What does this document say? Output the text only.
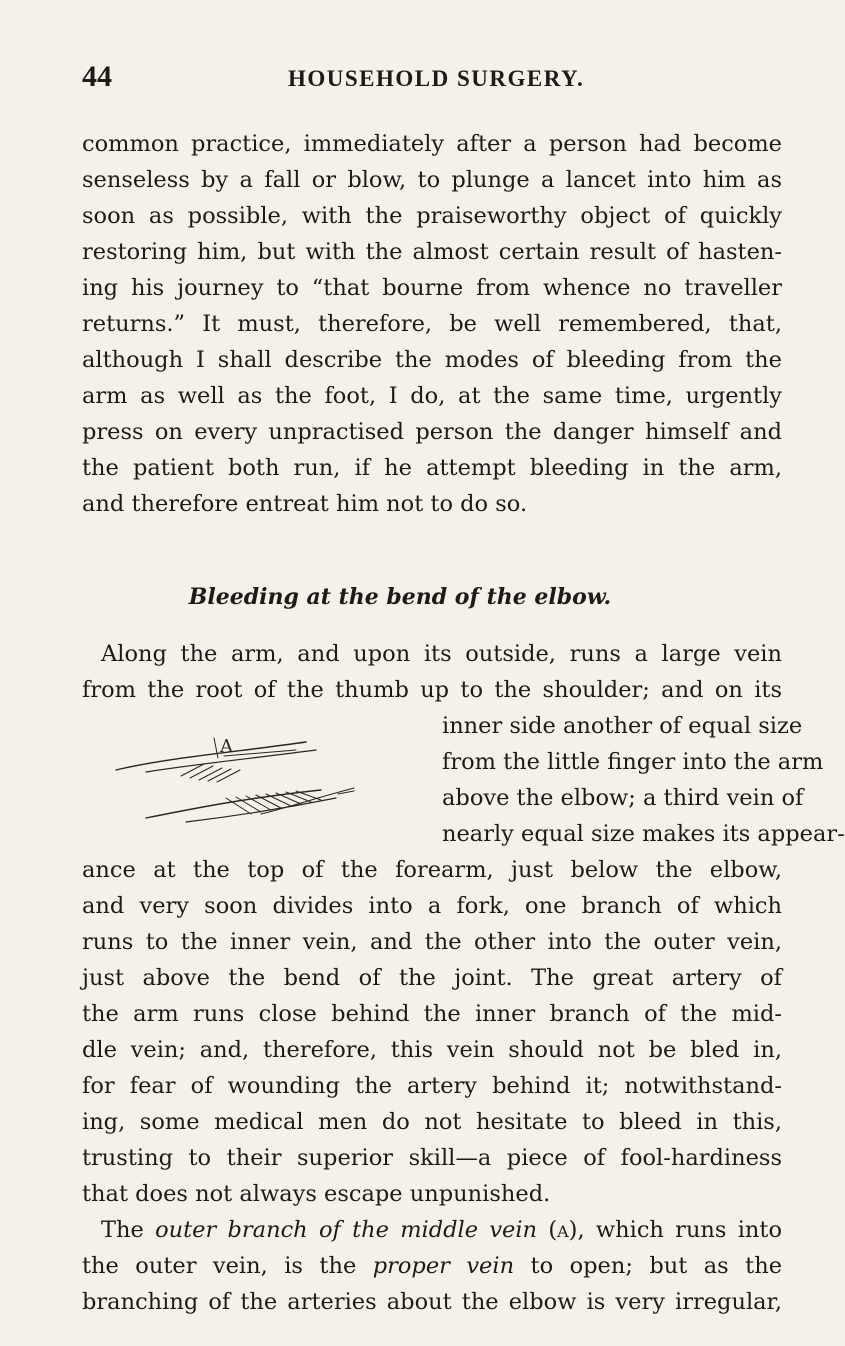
44	HOUSEHOLD SURGERY.
common practice, immediately after a person had become
senseless by a fall or blow, to plunge a lancet into him as
soon as possible, with the praiseworthy object of quickly
restoring him, but with the almost certain result of hasten-
ing his journey to “that bourne from whence no traveller
returns.” It must, therefore, be well remembered, that,
although I shall describe the modes of bleeding from the
arm as well as the foot, I do, at the same time, urgently
press on every unpractised person the danger himself and
the patient both run, if he attempt bleeding in the arm,
and therefore entreat him not to do so.
Bleeding at the bend of the elbow.
Along the arm, and upon its outside, runs a large vein
from the root of the thumb up to the shoulder; and on its
A
inner side another of equal size
from the little finger into the arm
above the elbow; a third vein of
nearly equal size makes its appear-
ance at the top of the forearm, just below the elbow,
and very soon divides into a fork, one branch of which
runs to the inner vein, and the other into the outer vein,
just above the bend of the joint. The great artery of
the arm runs close behind the inner branch of the mid-
dle vein; and, therefore, this vein should not be bled in,
for fear of wounding the artery behind it; notwithstand-
ing, some medical men do not hesitate to bleed in this,
trusting to their superior skill—a piece of fool-hardiness
that does not always escape unpunished.
The outer branch of the middle vein (a), which runs into
the outer vein, is the proper vein to open; but as the
branching of the arteries about the elbow is very irregular,
